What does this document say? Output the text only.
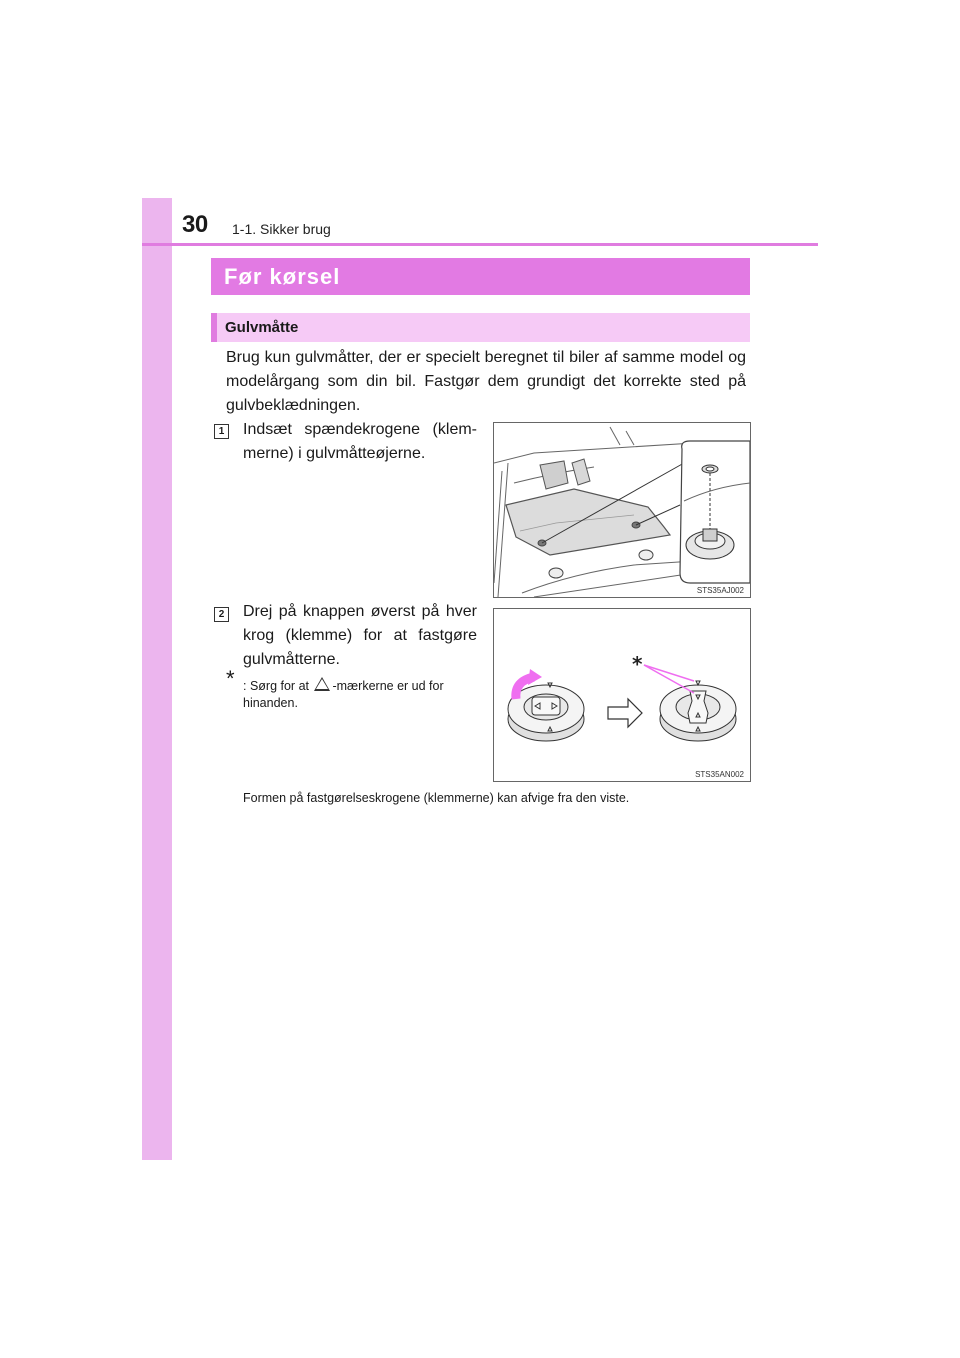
30 1-1. Sikker brug
Før kørsel
Gulvmåtte
Brug kun gulvmåtter, der er specielt beregnet til biler af samme model og modelårgang som din bil. Fastgør dem grundigt det korrekte sted på gulvbeklædningen.
1 Indsæt spændekrogene (klem-merne) i gulvmåtteøjerne.
STS35AJ002
2 Drej på knappen øverst på hver krog (klemme) for at fastgøre gulvmåtterne.
* : Sørg for at -mærkerne er ud for hinanden.
*
STS35AN002
Formen på fastgørelseskrogene (klemmerne) kan afvige fra den viste.
